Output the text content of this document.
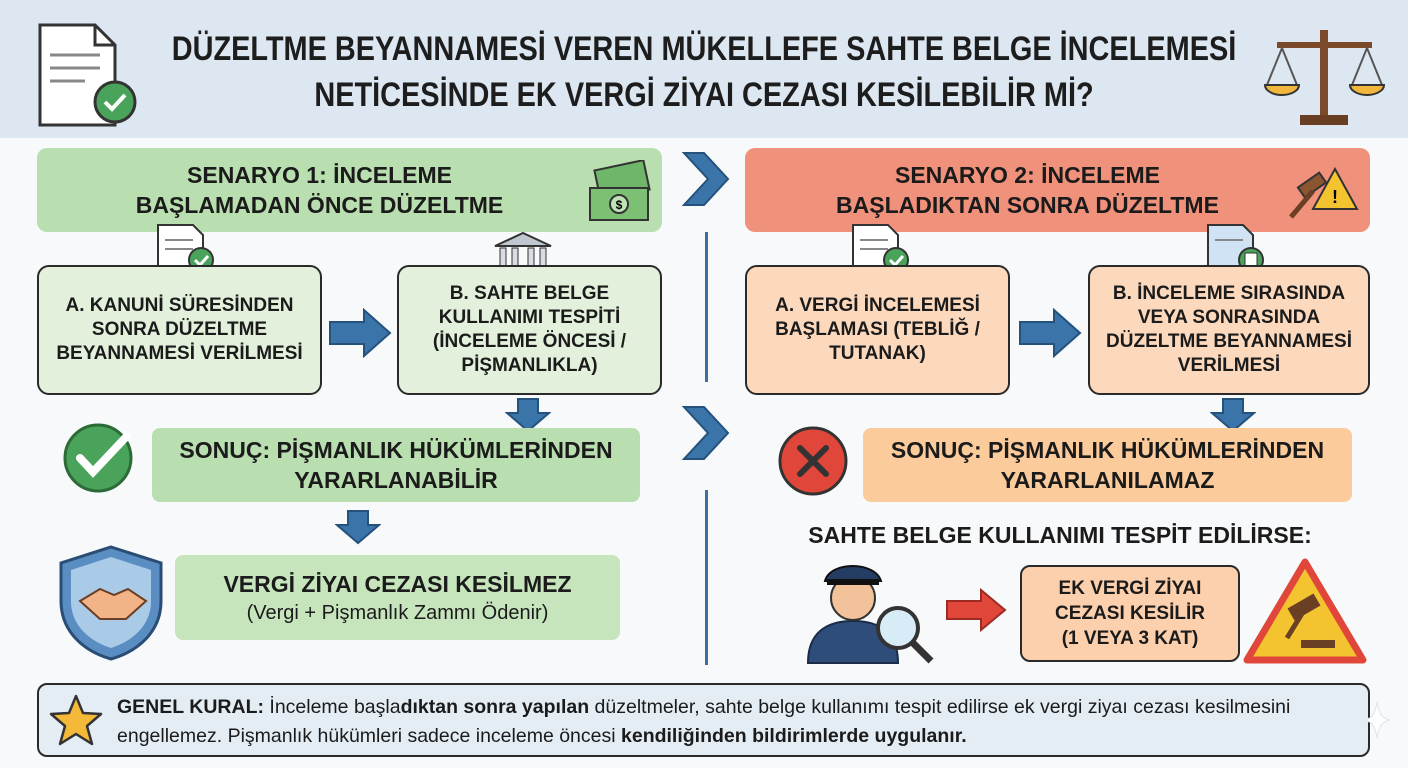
DÜZELTME BEYANNAMESİ VEREN MÜKELLEFE SAHTE BELGE İNCELEMESİ
NETİCESİNDE EK VERGİ ZİYAI CEZASI KESİLEBİLİR Mİ?
SENARYO 1: İNCELEME
BAŞLAMADAN ÖNCE DÜZELTME	$
A. KANUNİ SÜRESİNDEN SONRA DÜZELTME BEYANNAMESİ VERİLMESİ
B. SAHTE BELGE KULLANIMI TESPİTİ (İNCELEME ÖNCESİ / PİŞMANLIKLA)
SONUÇ: PİŞMANLIK HÜKÜMLERİNDEN
YARARLANABİLİR
VERGİ ZİYAI CEZASI KESİLMEZ
(Vergi + Pişmanlık Zammı Ödenir)
SENARYO 2: İNCELEME
BAŞLADIKTAN SONRA DÜZELTME	!
A. VERGİ İNCELEMESİ BAŞLAMASI (TEBLİĞ / TUTANAK)
B. İNCELEME SIRASINDA VEYA SONRASINDA DÜZELTME BEYANNAMESİ VERİLMESİ
SONUÇ: PİŞMANLIK HÜKÜMLERİNDEN
YARARLANILAMAZ
SAHTE BELGE KULLANIMI TESPİT EDİLİRSE:
EK VERGİ ZİYAI
CEZASI KESİLİR
(1 VEYA 3 KAT)
GENEL KURAL: İnceleme başladıktan sonra yapılan düzeltmeler, sahte belge kullanımı tespit edilirse ek vergi ziyaı cezası kesilmesini engellemez. Pişmanlık hükümleri sadece inceleme öncesi kendiliğinden bildirimlerde uygulanır.
